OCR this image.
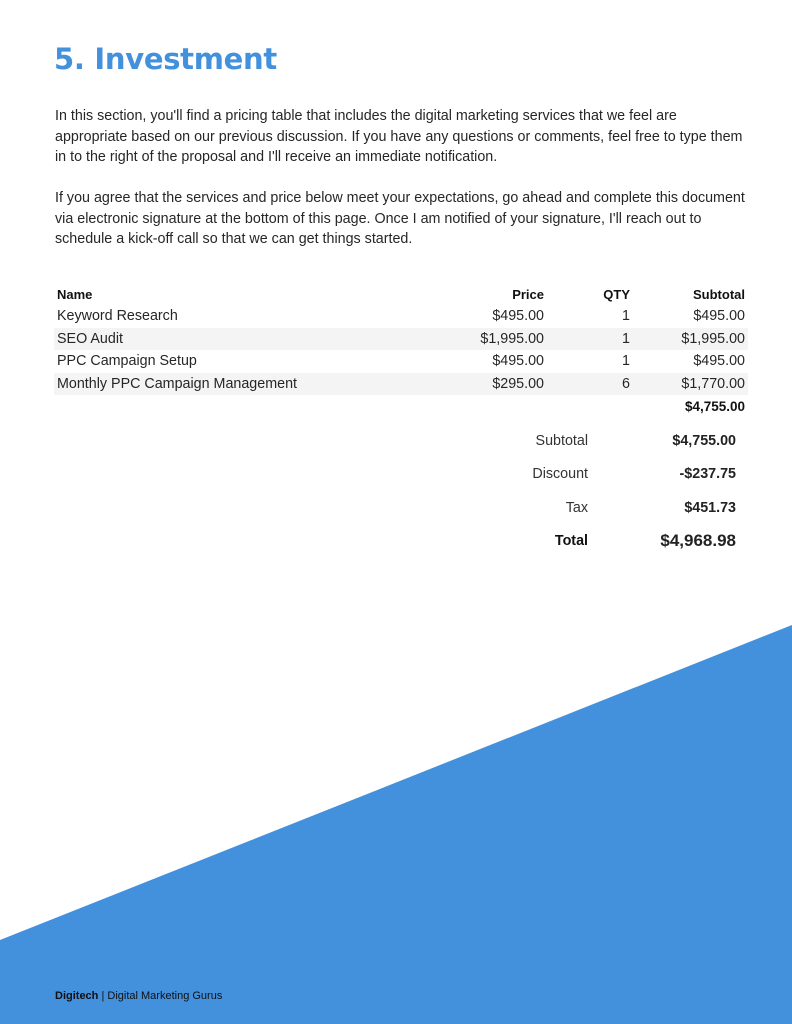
5. Investment

In this section, you'll find a pricing table that includes the digital marketing services that we feel are appropriate based on our previous discussion. If you have any questions or comments, feel free to type them in to the right of the proposal and I'll receive an immediate notification.

If you agree that the services and price below meet your expectations, go ahead and complete this document via electronic signature at the bottom of this page. Once I am notified of your signature, I'll reach out to schedule a kick-off call so that we can get things started.

Name	Price	QTY	Subtotal
Keyword Research	$495.00	1	$495.00
SEO Audit	$1,995.00	1	$1,995.00
PPC Campaign Setup	$495.00	1	$495.00
Monthly PPC Campaign Management	$295.00	6	$1,770.00
			$4,755.00
Subtotal	$4,755.00
Discount	-$237.75
Tax	$451.73
Total	$4,968.98
Digitech | Digital Marketing Gurus
